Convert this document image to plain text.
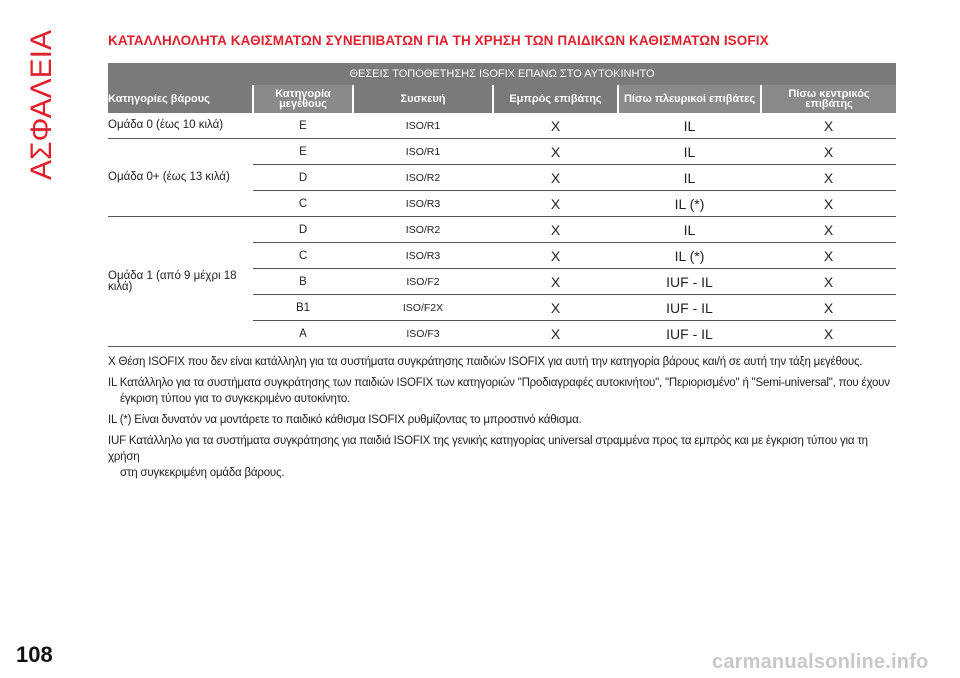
ΑΣΦΑΛΕΙΑ	ΚΑΤΑΛΛΗΛΟΛΗΤΑ ΚΑΘΙΣΜΑΤΩΝ ΣΥΝΕΠΙΒΑΤΩΝ ΓΙΑ ΤΗ ΧΡΗΣΗ ΤΩΝ ΠΑΙΔΙΚΩΝ ΚΑΘΙΣΜΑΤΩΝ ISOFIX
ΘΕΣΕΙΣ ΤΟΠΟΘΕΤΗΣΗΣ ISOFIX ΕΠΑΝΩ ΣΤΟ ΑΥΤΟΚΙΝΗΤΟ					
Κατηγορίες βάρους	Κατηγορία μεγέθους	Συσκευή	Εμπρός επιβάτης	Πίσω πλευρικοί επιβάτες	Πίσω κεντρικός επιβάτης
Ομάδα 0 (έως 10 κιλά)	E	ISO/R1	X	IL	X
Ομάδα 0+ (έως 13 κιλά)	E	ISO/R1	X	IL	X
	D	ISO/R2	X	IL	X
	C	ISO/R3	X	IL (*)	X
Ομάδα 1 (από 9 μέχρι 18 κιλά)	D	ISO/R2	X	IL	X
	C	ISO/R3	X	IL (*)	X
	B	ISO/F2	X	IUF - IL	X
	B1	ISO/F2X	X	IUF - IL	X
	A	ISO/F3	X	IUF - IL	X

X Θέση ISOFIX που δεν είναι κατάλληλη για τα συστήματα συγκράτησης παιδιών ISOFIX για αυτή την κατηγορία βάρους και/ή σε αυτή την τάξη μεγέθους.

IL Κατάλληλο για τα συστήματα συγκράτησης των παιδιών ISOFIX των κατηγοριών "Προδιαγραφές αυτοκινήτου", "Περιορισμένο'' ή "Semi-universal", που έχουν
έγκριση τύπου για το συγκεκριμένο αυτοκίνητο.

IL (*) Είναι δυνατόν να μοντάρετε το παιδικό κάθισμα ISOFIX ρυθμίζοντας το μπροστινό κάθισμα.

IUF Κατάλληλο για τα συστήματα συγκράτησης για παιδιά ISOFIX της γενικής κατηγορίας universal στραμμένα προς τα εμπρός και με έγκριση τύπου για τη χρήση
στη συγκεκριμένη ομάδα βάρους.

108	carmanualsonline.info
